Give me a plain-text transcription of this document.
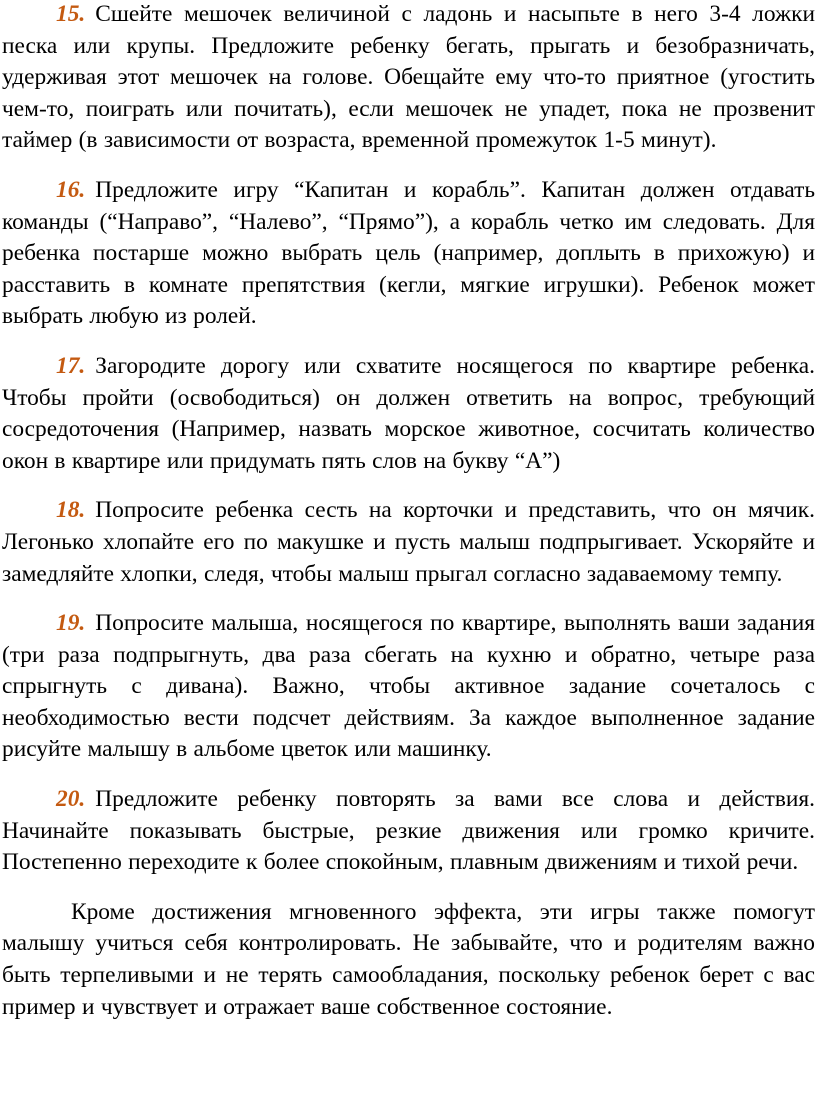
15. Сшейте мешочек величиной с ладонь и насыпьте в него 3-4 ложки песка или крупы. Предложите ребенку бегать, прыгать и безобразничать, удерживая этот мешочек на голове. Обещайте ему что-то приятное (угостить чем-то, поиграть или почитать), если мешочек не упадет, пока не прозвенит таймер (в зависимости от возраста, временной промежуток 1-5 минут).

16. Предложите игру “Капитан и корабль”. Капитан должен отдавать команды (“Направо”, “Налево”, “Прямо”), а корабль четко им следовать. Для ребенка постарше можно выбрать цель (например, доплыть в прихожую) и расставить в комнате препятствия (кегли, мягкие игрушки). Ребенок может выбрать любую из ролей.

17. Загородите дорогу или схватите носящегося по квартире ребенка. Чтобы пройти (освободиться) он должен ответить на вопрос, требующий сосредоточения (Например, назвать морское животное, сосчитать количество окон в квартире или придумать пять слов на букву “А”)

18. Попросите ребенка сесть на корточки и представить, что он мячик. Легонько хлопайте его по макушке и пусть малыш подпрыгивает. Ускоряйте и замедляйте хлопки, следя, чтобы малыш прыгал согласно задаваемому темпу.

19. Попросите малыша, носящегося по квартире, выполнять ваши задания (три раза подпрыгнуть, два раза сбегать на кухню и обратно, четыре раза спрыгнуть с дивана). Важно, чтобы активное задание сочеталось с необходимостью вести подсчет действиям. За каждое выполненное задание рисуйте малышу в альбоме цветок или машинку.

20. Предложите ребенку повторять за вами все слова и действия. Начинайте показывать быстрые, резкие движения или громко кричите. Постепенно переходите к более спокойным, плавным движениям и тихой речи.

Кроме достижения мгновенного эффекта, эти игры также помогут малышу учиться себя контролировать. Не забывайте, что и родителям важно быть терпеливыми и не терять самообладания, поскольку ребенок берет с вас пример и чувствует и отражает ваше собственное состояние.
